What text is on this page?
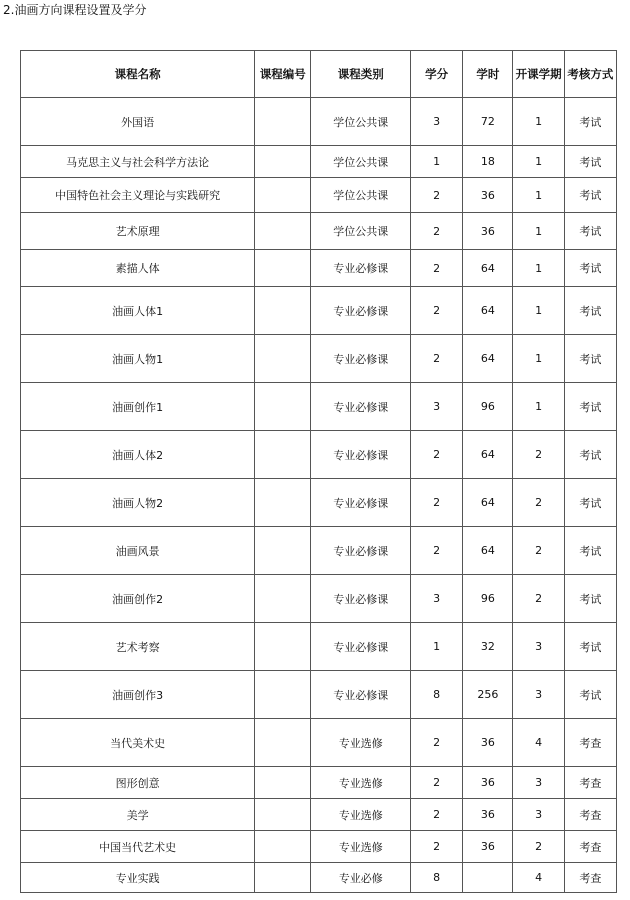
2.油画方向课程设置及学分
课程名称	课程编号	课程类别	学分	学时	开课学期	考核方式
外国语		学位公共课	3	72	1	考试
马克思主义与社会科学方法论		学位公共课	1	18	1	考试
中国特色社会主义理论与实践研究		学位公共课	2	36	1	考试
艺术原理		学位公共课	2	36	1	考试
素描人体		专业必修课	2	64	1	考试
油画人体1		专业必修课	2	64	1	考试
油画人物1		专业必修课	2	64	1	考试
油画创作1		专业必修课	3	96	1	考试
油画人体2		专业必修课	2	64	2	考试
油画人物2		专业必修课	2	64	2	考试
油画风景		专业必修课	2	64	2	考试
油画创作2		专业必修课	3	96	2	考试
艺术考察		专业必修课	1	32	3	考试
油画创作3		专业必修课	8	256	3	考试
当代美术史		专业选修	2	36	4	考查
图形创意		专业选修	2	36	3	考查
美学		专业选修	2	36	3	考查
中国当代艺术史		专业选修	2	36	2	考查
专业实践		专业必修	8		4	考查
